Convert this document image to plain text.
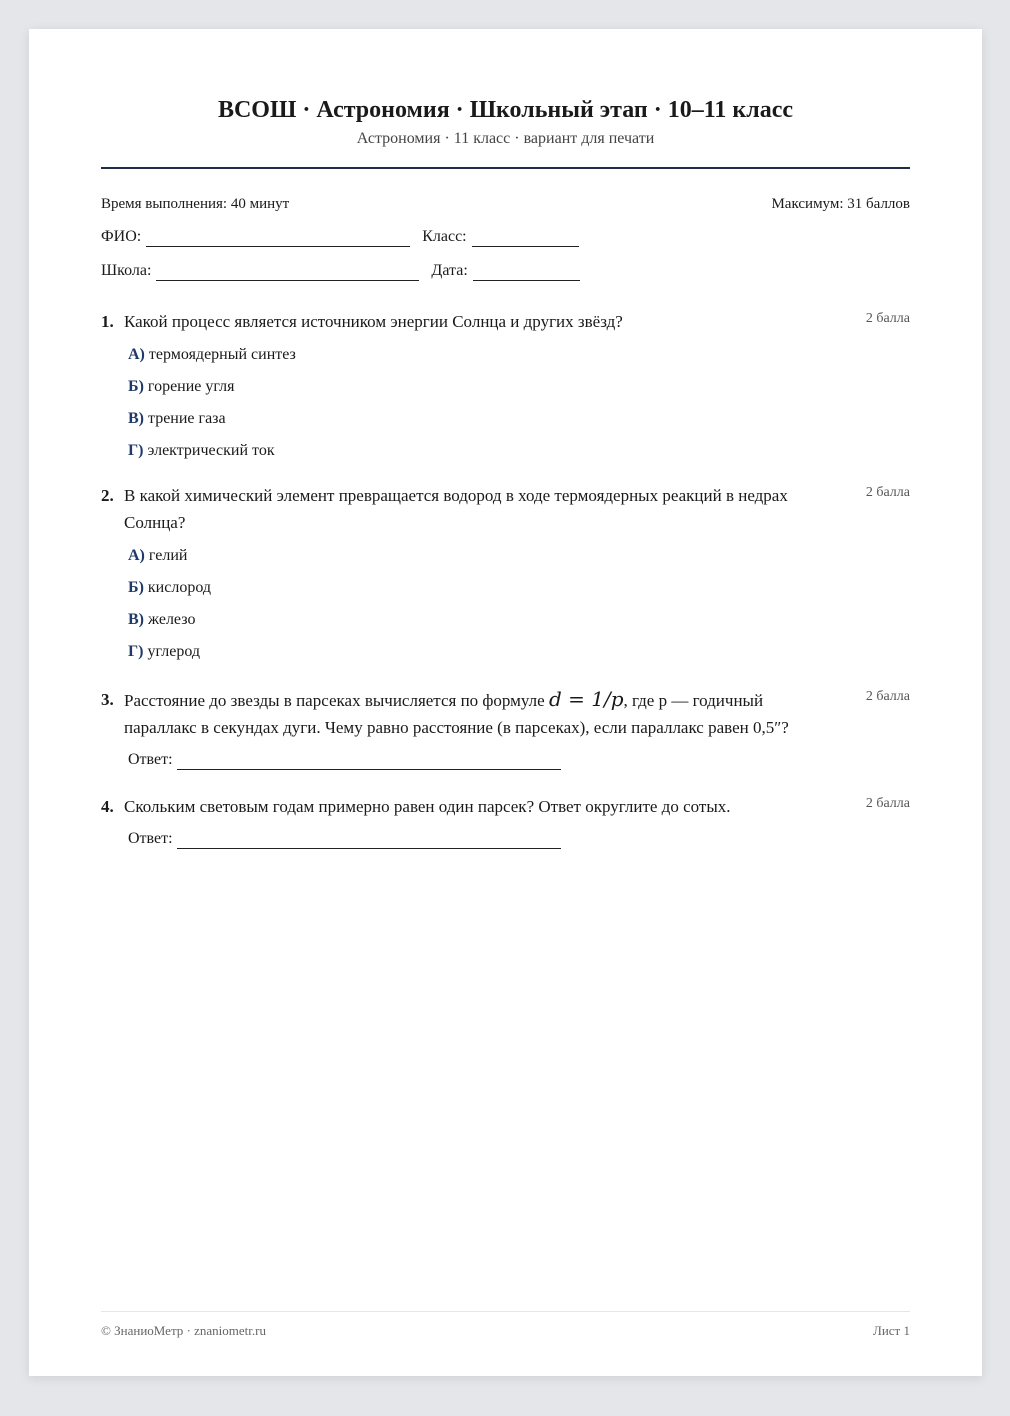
ВСОШ · Астрономия · Школьный этап · 10–11 класс
Астрономия · 11 класс · вариант для печати
Время выполнения: 40 минут	Максимум: 31 баллов
ФИО:	Класс:
Школа:	Дата:
1. Какой процесс является источником энергии Солнца и других звёзд?	2 балла
А) термоядерный синтез
Б) горение угля
В) трение газа
Г) электрический ток
2. В какой химический элемент превращается водород в ходе термоядерных реакций в недрах Солнца?
2 балла
А) гелий
Б) кислород
В) железо
Г) углерод
3. Расстояние до звезды в парсеках вычисляется по формуле d = 1/p, где p — годичный параллакс в секундах дуги. Чему равно расстояние (в парсеках), если параллакс равен 0,5″?
2 балла
Ответ:
4. Скольким световым годам примерно равен один парсек? Ответ округлите до сотых.	2 балла
Ответ:
© ЗнаниоМетр · znaniometr.ru	Лист 1
